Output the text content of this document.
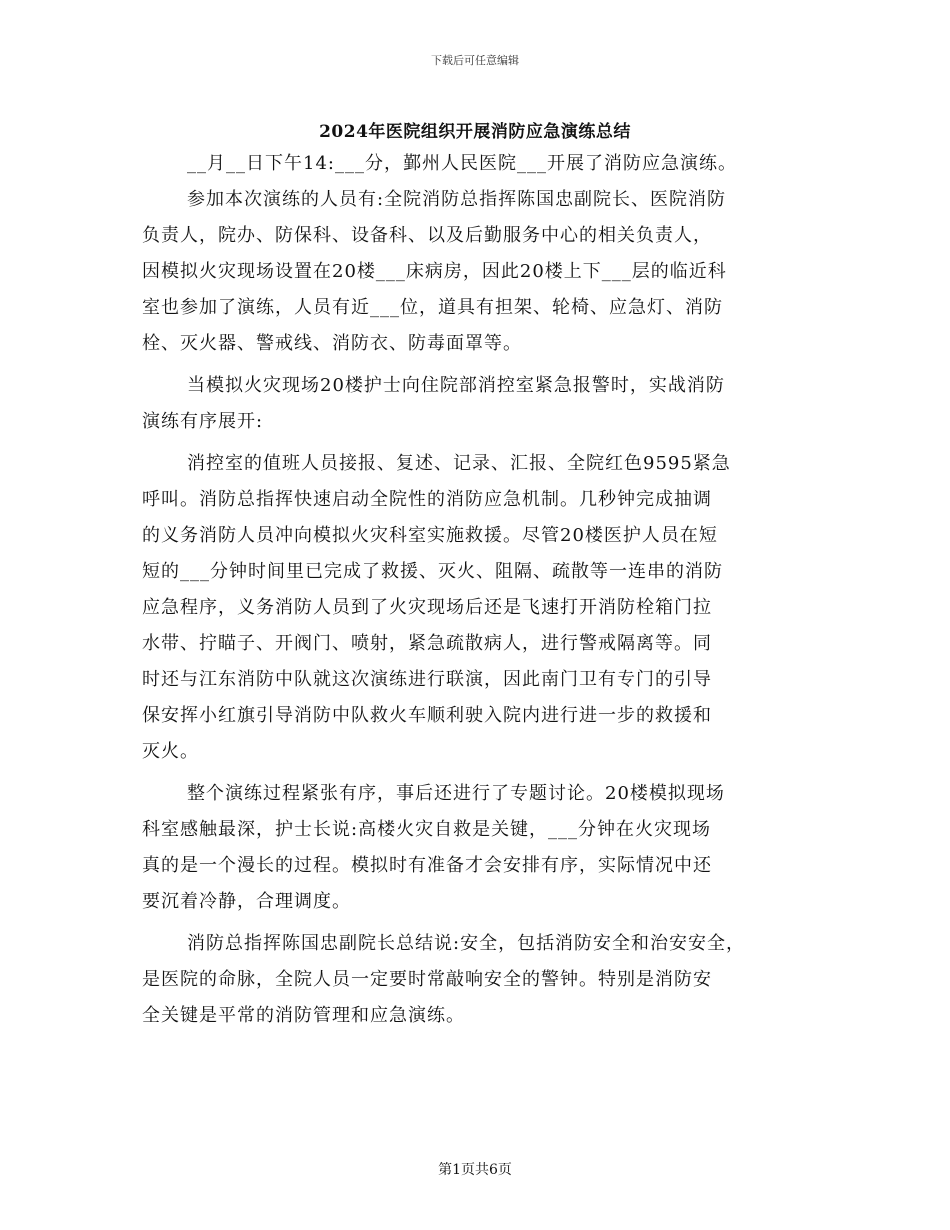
下载后可任意编辑
2024年医院组织开展消防应急演练总结
__月__日下午14:___分，鄞州人民医院___开展了消防应急演练。
参加本次演练的人员有:全院消防总指挥陈国忠副院长、医院消防
负责人，院办、防保科、设备科、以及后勤服务中心的相关负责人，
因模拟火灾现场设置在20楼___床病房，因此20楼上下___层的临近科
室也参加了演练，人员有近___位，道具有担架、轮椅、应急灯、消防
栓、灭火器、警戒线、消防衣、防毒面罩等。
当模拟火灾现场20楼护士向住院部消控室紧急报警时，实战消防
演练有序展开:
消控室的值班人员接报、复述、记录、汇报、全院红色9595紧急
呼叫。消防总指挥快速启动全院性的消防应急机制。几秒钟完成抽调
的义务消防人员冲向模拟火灾科室实施救援。尽管20楼医护人员在短
短的___分钟时间里已完成了救援、灭火、阻隔、疏散等一连串的消防
应急程序，义务消防人员到了火灾现场后还是飞速打开消防栓箱门拉
水带、拧瞄子、开阀门、喷射，紧急疏散病人，进行警戒隔离等。同
时还与江东消防中队就这次演练进行联演，因此南门卫有专门的引导
保安挥小红旗引导消防中队救火车顺利驶入院内进行进一步的救援和
灭火。
整个演练过程紧张有序，事后还进行了专题讨论。20楼模拟现场
科室感触最深，护士长说:高楼火灾自救是关键，___分钟在火灾现场
真的是一个漫长的过程。模拟时有准备才会安排有序，实际情况中还
要沉着冷静，合理调度。
消防总指挥陈国忠副院长总结说:安全，包括消防安全和治安安全，
是医院的命脉，全院人员一定要时常敲响安全的警钟。特别是消防安
全关键是平常的消防管理和应急演练。
第1页共6页
